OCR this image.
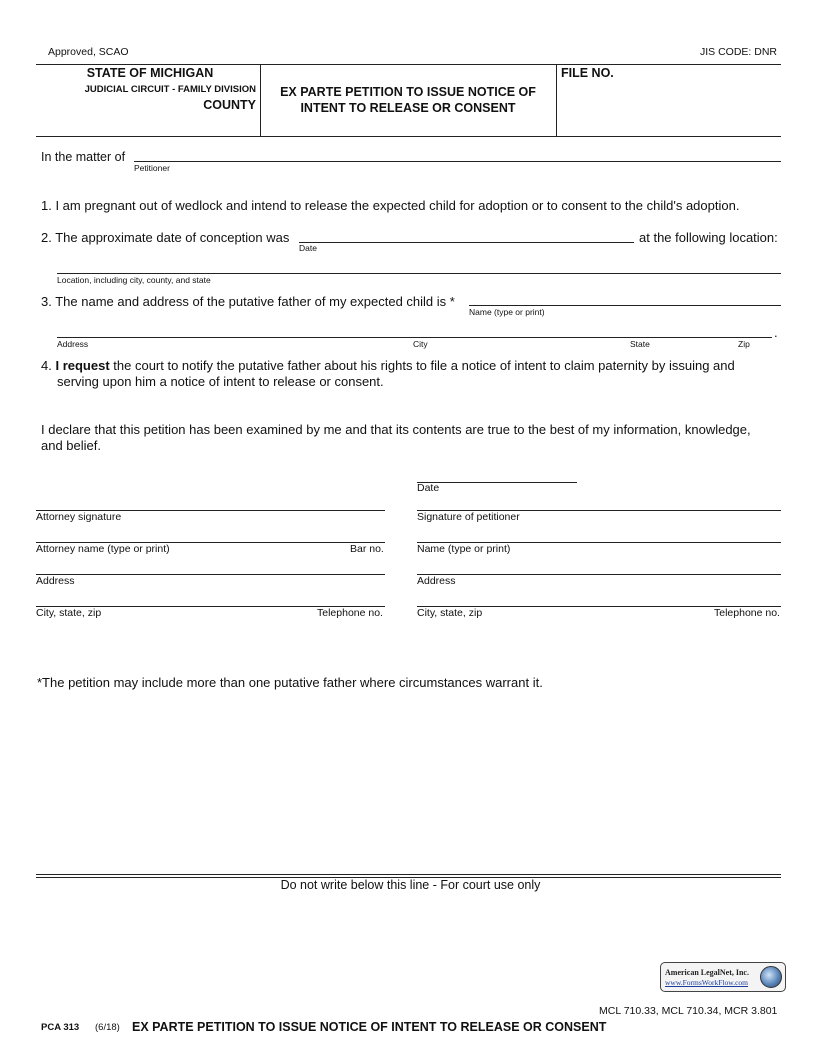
Approved, SCAO	JIS CODE: DNR
STATE OF MICHIGAN
JUDICIAL CIRCUIT - FAMILY DIVISION
COUNTY
EX PARTE PETITION TO ISSUE NOTICE OF
INTENT TO RELEASE OR CONSENT
FILE NO.
In the matter of
Petitioner
1. I am pregnant out of wedlock and intend to release the expected child for adoption or to consent to the child's adoption.
2. The approximate date of conception was
Date
at the following location:
Location, including city, county, and state
3. The name and address of the putative father of my expected child is *
Name (type or print)
.
Address	City	State	Zip
4. I request the court to notify the putative father about his rights to file a notice of intent to claim paternity by issuing and
serving upon him a notice of intent to release or consent.
I declare that this petition has been examined by me and that its contents are true to the best of my information, knowledge,
and belief.
Date
Attorney signature	Signature of petitioner
Attorney name (type or print)	Bar no.	Name (type or print)
Address	Address
City, state, zip	Telephone no.	City, state, zip	Telephone no.
*The petition may include more than one putative father where circumstances warrant it.
Do not write below this line - For court use only
American LegalNet, Inc.
www.FormsWorkFlow.com
MCL 710.33, MCL 710.34, MCR 3.801
PCA 313 (6/18) EX PARTE PETITION TO ISSUE NOTICE OF INTENT TO RELEASE OR CONSENT
